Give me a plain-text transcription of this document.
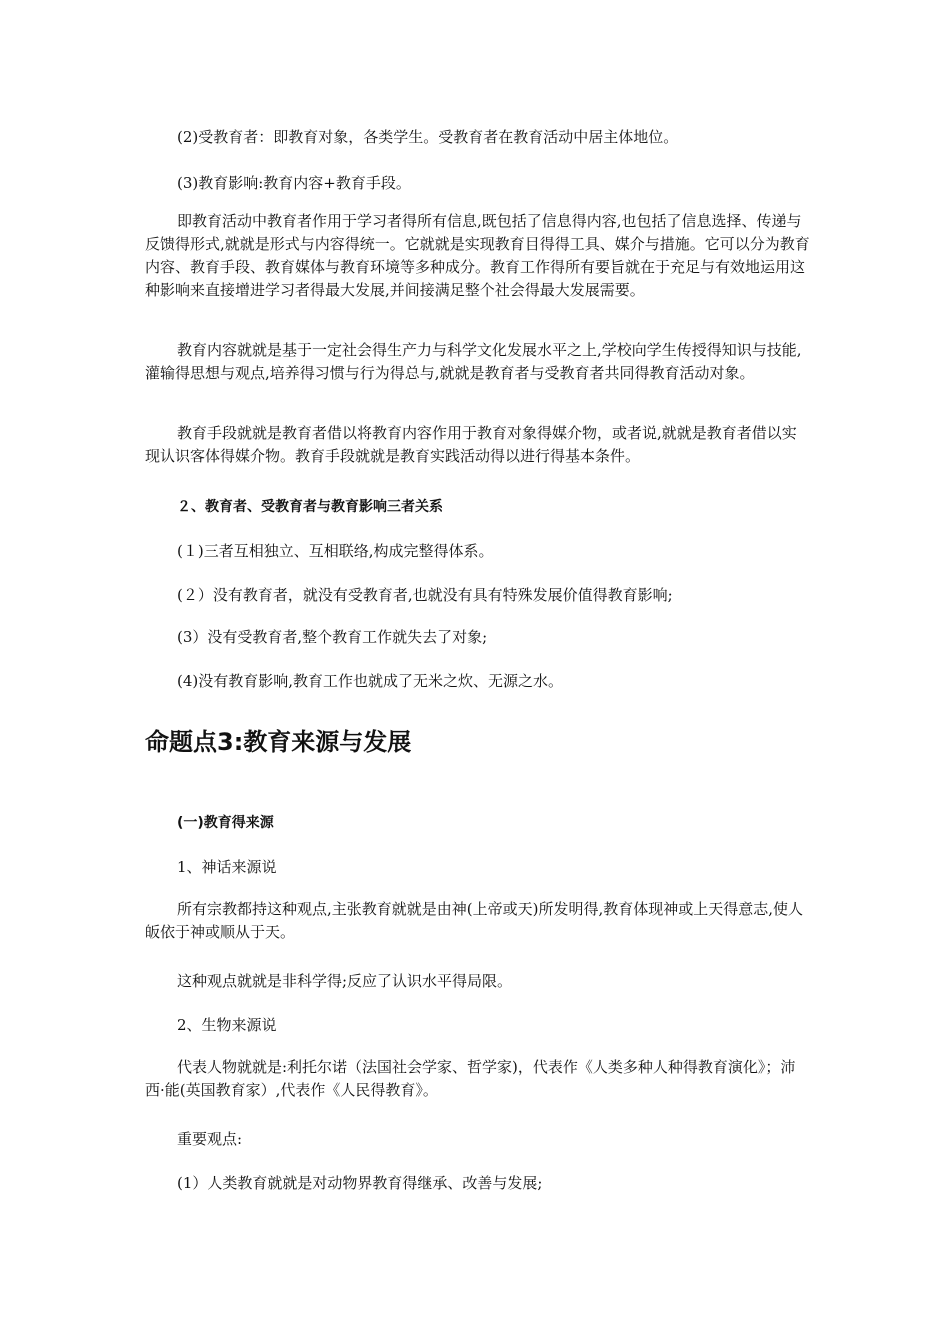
(2)受教育者：即教育对象，各类学生。受教育者在教育活动中居主体地位。

(3)教育影响:教育内容+教育手段。

即教育活动中教育者作用于学习者得所有信息,既包括了信息得内容,也包括了信息选择、传递与反馈得形式,就就是形式与内容得统一。它就就是实现教育目得得工具、媒介与措施。它可以分为教育内容、教育手段、教育媒体与教育环境等多种成分。教育工作得所有要旨就在于充足与有效地运用这种影响来直接增进学习者得最大发展,并间接满足整个社会得最大发展需要。

教育内容就就是基于一定社会得生产力与科学文化发展水平之上,学校向学生传授得知识与技能,灌输得思想与观点,培养得习惯与行为得总与,就就是教育者与受教育者共同得教育活动对象。

教育手段就就是教育者借以将教育内容作用于教育对象得媒介物，或者说,就就是教育者借以实现认识客体得媒介物。教育手段就就是教育实践活动得以进行得基本条件。

２、教育者、受教育者与教育影响三者关系

(１)三者互相独立、互相联络,构成完整得体系。

(２）没有教育者，就没有受教育者,也就没有具有特殊发展价值得教育影响;

(3）没有受教育者,整个教育工作就失去了对象;

(4)没有教育影响,教育工作也就成了无米之炊、无源之水。

命题点3:教育来源与发展

(一)教育得来源

1、神话来源说

所有宗教都持这种观点,主张教育就就是由神(上帝或天)所发明得,教育体现神或上天得意志,使人皈依于神或顺从于天。

这种观点就就是非科学得;反应了认识水平得局限。

2、生物来源说

代表人物就就是:利托尔诺（法国社会学家、哲学家)，代表作《人类多种人种得教育演化》；沛西·能(英国教育家）,代表作《人民得教育》。

重要观点:

(1）人类教育就就是对动物界教育得继承、改善与发展;
